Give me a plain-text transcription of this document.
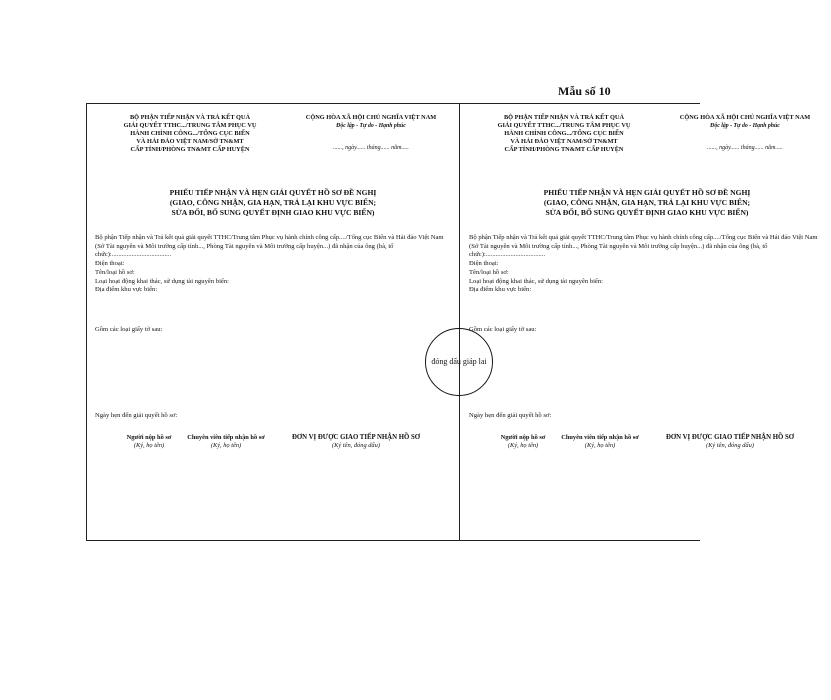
Mẫu số 10
BỘ PHẬN TIẾP NHẬN VÀ TRẢ KẾT QUẢ
GIẢI QUYẾT TTHC.../TRUNG TÂM PHỤC VỤ
HÀNH CHÍNH CÔNG.../TỔNG CỤC BIỂN
VÀ HẢI ĐẢO VIỆT NAM/SỞ TN&MT
CẤP TỈNH/PHÒNG TN&MT CẤP HUYỆN
CỘNG HÒA XÃ HỘI CHỦ NGHĨA VIỆT NAM
Độc lập - Tự do - Hạnh phúc
......, ngày...... tháng...... năm.....
PHIẾU TIẾP NHẬN VÀ HẸN GIẢI QUYẾT HỒ SƠ ĐỀ NGHỊ
(GIAO, CÔNG NHẬN, GIA HẠN, TRẢ LẠI KHU VỰC BIỂN;
SỬA ĐỔI, BỔ SUNG QUYẾT ĐỊNH GIAO KHU VỰC BIỂN)
Bộ phận Tiếp nhận và Trả kết quả giải quyết TTHC/Trung tâm Phục vụ hành chính công cấp..../Tổng cục Biển và Hải đảo Việt Nam (Sở Tài nguyên và Môi trường cấp tỉnh..., Phòng Tài nguyên và Môi trường cấp huyện...) đã nhận của ông (bà, tổ chức):....................................
Điện thoại:
Tên/loại hồ sơ:
Loại hoạt động khai thác, sử dụng tài nguyên biển:
Địa điểm khu vực biển:
Gồm các loại giấy tờ sau:
Ngày hẹn đến giải quyết hồ sơ:
Người nộp hồ sơ
(Ký, họ tên)
Chuyên viên tiếp nhận hồ sơ
(Ký, họ tên)
ĐƠN VỊ ĐƯỢC GIAO TIẾP NHẬN HỒ SƠ
(Ký tên, đóng dấu)
BỘ PHẬN TIẾP NHẬN VÀ TRẢ KẾT QUẢ
GIẢI QUYẾT TTHC.../TRUNG TÂM PHỤC VỤ
HÀNH CHÍNH CÔNG.../TỔNG CỤC BIỂN
VÀ HẢI ĐẢO VIỆT NAM/SỞ TN&MT
CẤP TỈNH/PHÒNG TN&MT CẤP HUYỆN
CỘNG HÒA XÃ HỘI CHỦ NGHĨA VIỆT NAM
Độc lập - Tự do - Hạnh phúc
......, ngày...... tháng...... năm.....
PHIẾU TIẾP NHẬN VÀ HẸN GIẢI QUYẾT HỒ SƠ ĐỀ NGHỊ
(GIAO, CÔNG NHẬN, GIA HẠN, TRẢ LẠI KHU VỰC BIỂN;
SỬA ĐỔI, BỔ SUNG QUYẾT ĐỊNH GIAO KHU VỰC BIỂN)
Bộ phận Tiếp nhận và Trả kết quả giải quyết TTHC/Trung tâm Phục vụ hành chính công cấp..../Tổng cục Biển và Hải đảo Việt Nam (Sở Tài nguyên và Môi trường cấp tỉnh..., Phòng Tài nguyên và Môi trường cấp huyện...) đã nhận của ông (bà, tổ chức):....................................
Điện thoại:
Tên/loại hồ sơ:
Loại hoạt động khai thác, sử dụng tài nguyên biển:
Địa điểm khu vực biển:
Gồm các loại giấy tờ sau:
Ngày hẹn đến giải quyết hồ sơ:
Người nộp hồ sơ
(Ký, họ tên)
Chuyên viên tiếp nhận hồ sơ
(Ký, họ tên)
ĐƠN VỊ ĐƯỢC GIAO TIẾP NHẬN HỒ SƠ
(Ký tên, đóng dấu)
đóng dấu giáp lai
